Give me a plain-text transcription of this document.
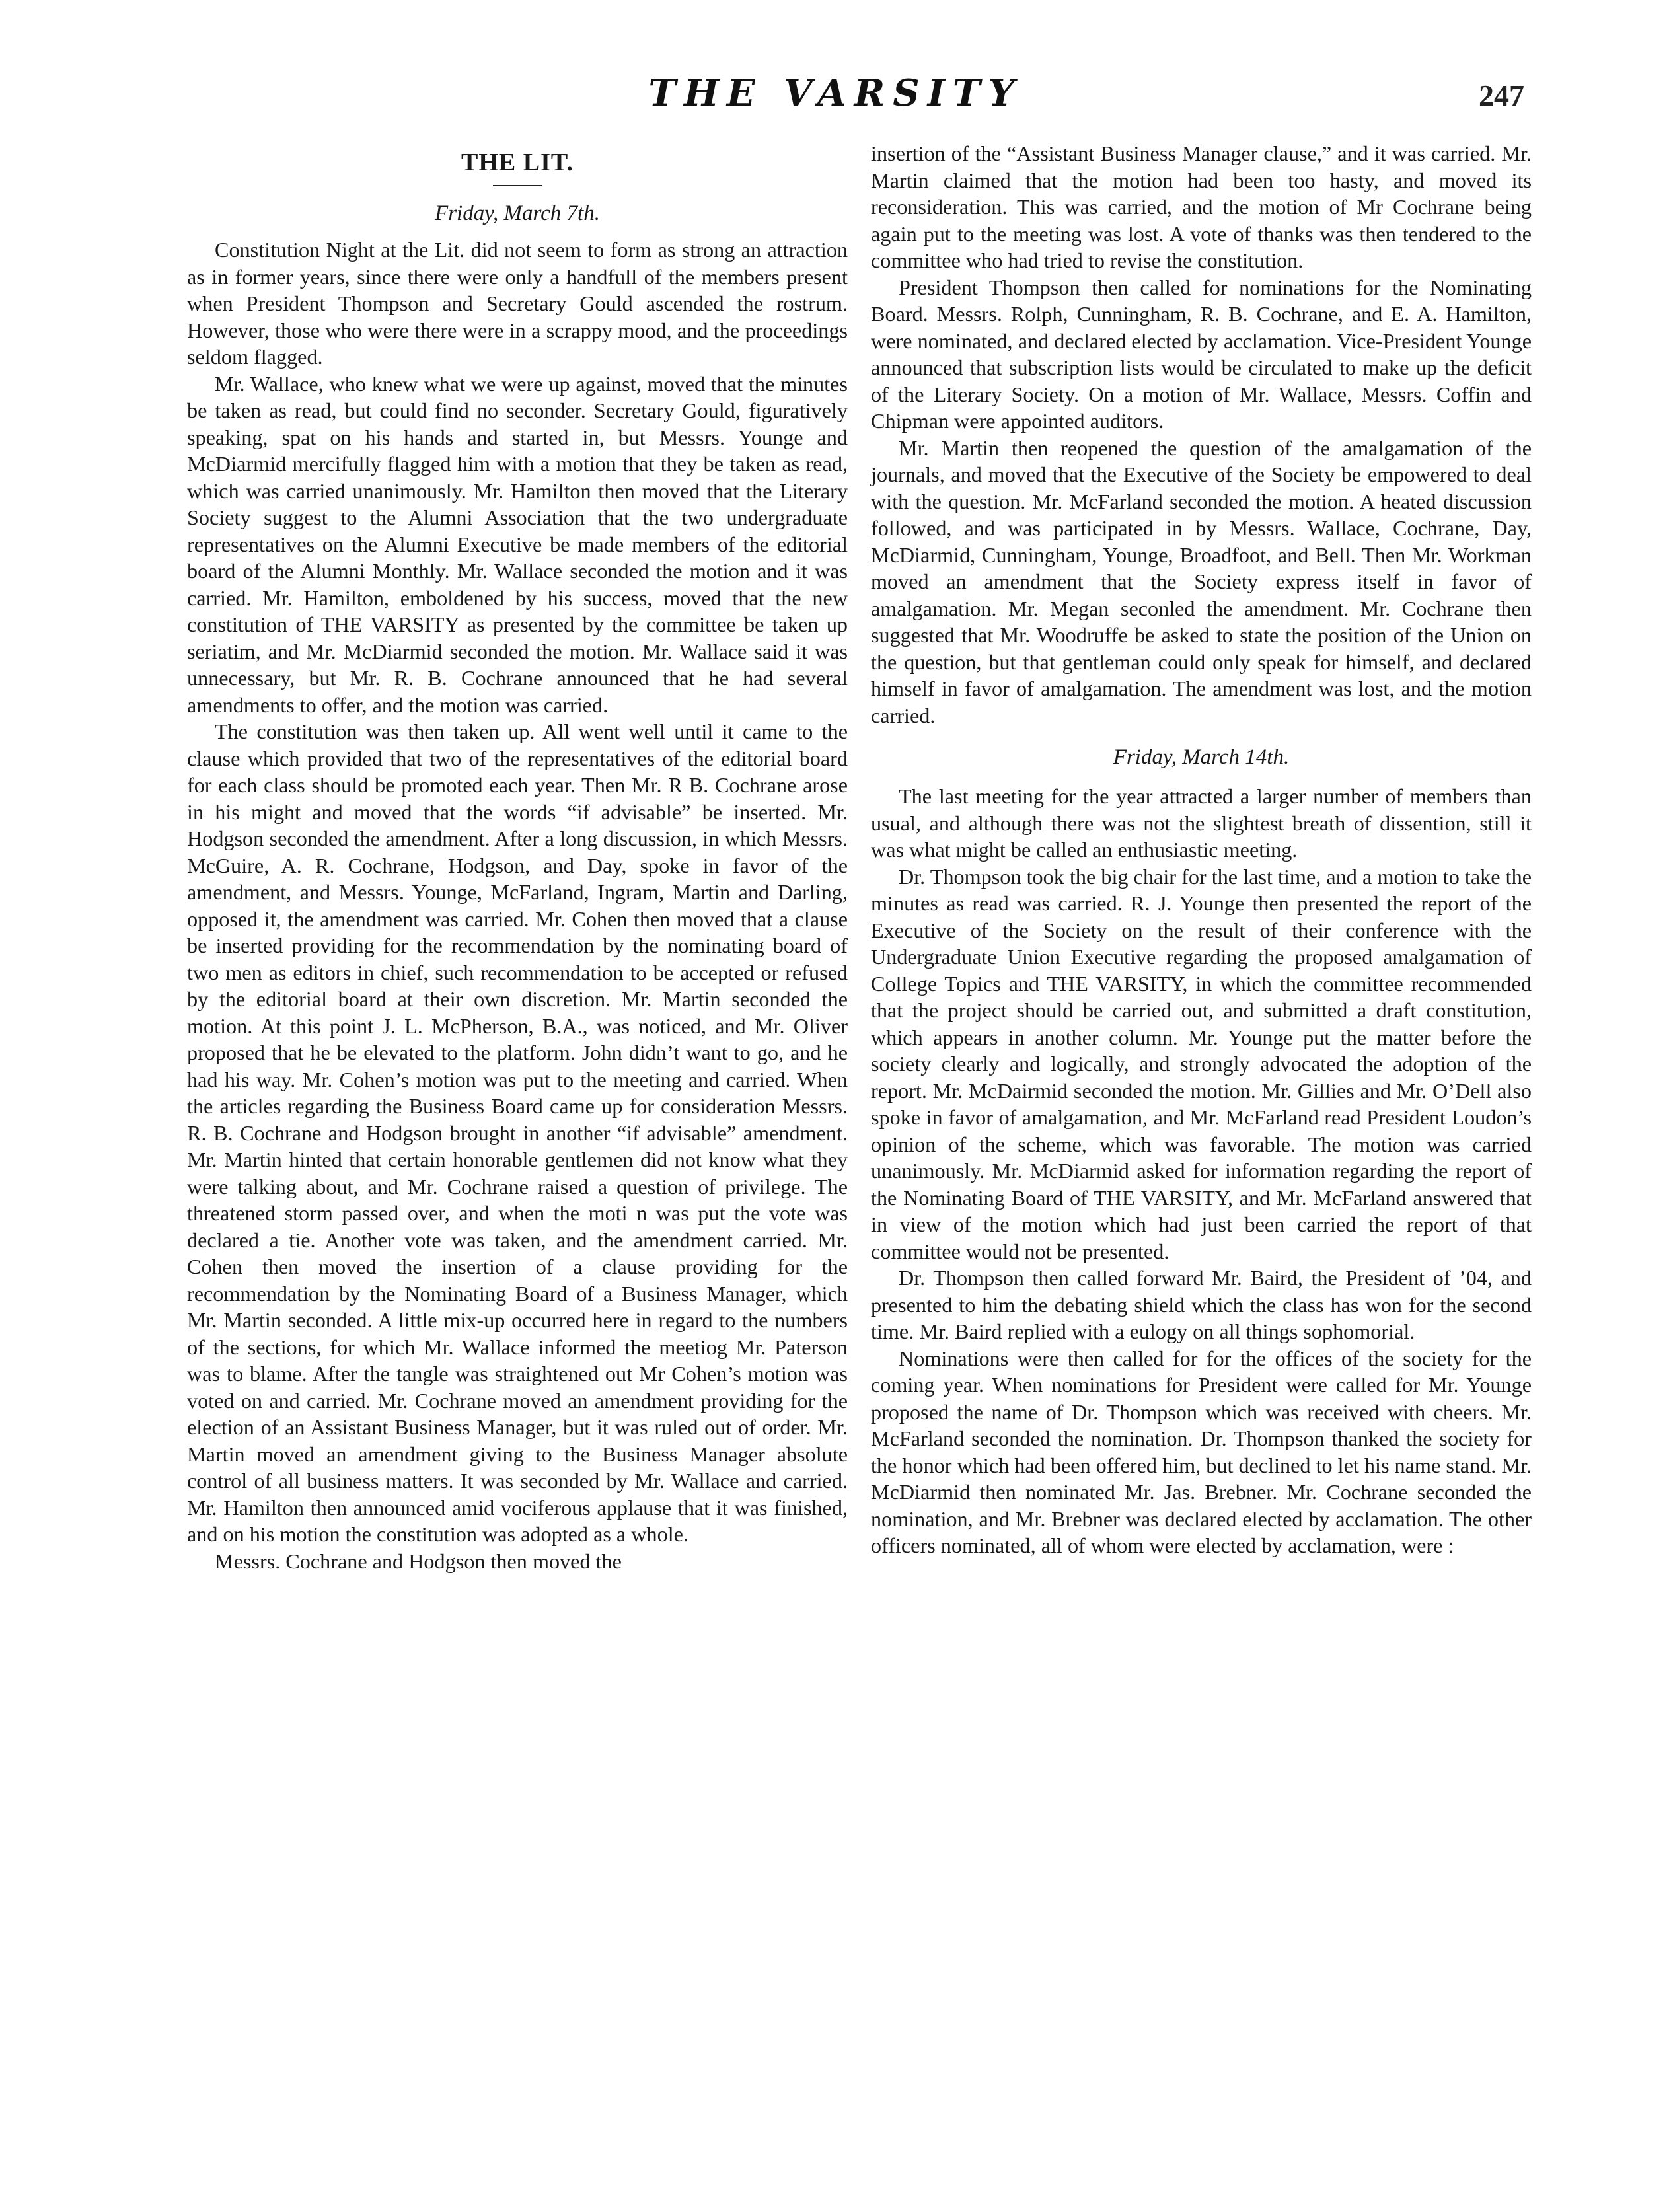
THE VARSITY	247
THE LIT.
Friday, March 7th.

Constitution Night at the Lit. did not seem to form as strong an attraction as in former years, since there were only a handfull of the members present when President Thompson and Secretary Gould ascended the rostrum. However, those who were there were in a scrappy mood, and the proceedings seldom flagged.

Mr. Wallace, who knew what we were up against, moved that the minutes be taken as read, but could find no seconder. Secretary Gould, figuratively speaking, spat on his hands and started in, but Messrs. Younge and McDiarmid mercifully flagged him with a motion that they be taken as read, which was carried unanimously. Mr. Hamilton then moved that the Literary Society suggest to the Alumni Association that the two undergraduate representatives on the Alumni Executive be made members of the editorial board of the Alumni Monthly. Mr. Wallace seconded the motion and it was carried. Mr. Hamilton, emboldened by his success, moved that the new constitution of THE VARSITY as presented by the committee be taken up seriatim, and Mr. McDiarmid seconded the motion. Mr. Wallace said it was unnecessary, but Mr. R. B. Cochrane announced that he had several amendments to offer, and the motion was carried.

The constitution was then taken up. All went well until it came to the clause which provided that two of the representatives of the editorial board for each class should be promoted each year. Then Mr. R B. Cochrane arose in his might and moved that the words “if advisable” be inserted. Mr. Hodgson seconded the amendment. After a long discussion, in which Messrs. McGuire, A. R. Cochrane, Hodgson, and Day, spoke in favor of the amendment, and Messrs. Younge, McFarland, Ingram, Martin and Darling, opposed it, the amendment was carried. Mr. Cohen then moved that a clause be inserted providing for the recommendation by the nominating board of two men as editors in chief, such recommendation to be accepted or refused by the editorial board at their own discretion. Mr. Martin seconded the motion. At this point J. L. McPherson, B.A., was noticed, and Mr. Oliver proposed that he be elevated to the platform. John didn’t want to go, and he had his way. Mr. Cohen’s motion was put to the meeting and carried. When the articles regarding the Business Board came up for consideration Messrs. R. B. Cochrane and Hodgson brought in another “if advisable” amendment. Mr. Martin hinted that certain honorable gentlemen did not know what they were talking about, and Mr. Cochrane raised a question of privilege. The threatened storm passed over, and when the moti n was put the vote was declared a tie. Another vote was taken, and the amendment carried. Mr. Cohen then moved the insertion of a clause providing for the recommendation by the Nominating Board of a Business Manager, which Mr. Martin seconded. A little mix-up occurred here in regard to the numbers of the sections, for which Mr. Wallace informed the meetiog Mr. Paterson was to blame. After the tangle was straightened out Mr Cohen’s motion was voted on and carried. Mr. Cochrane moved an amendment providing for the election of an Assistant Business Manager, but it was ruled out of order. Mr. Martin moved an amendment giving to the Business Manager absolute control of all business matters. It was seconded by Mr. Wallace and carried. Mr. Hamilton then announced amid vociferous applause that it was finished, and on his motion the constitution was adopted as a whole.

Messrs. Cochrane and Hodgson then moved the

insertion of the “Assistant Business Manager clause,” and it was carried. Mr. Martin claimed that the motion had been too hasty, and moved its reconsideration. This was carried, and the motion of Mr Cochrane being again put to the meeting was lost. A vote of thanks was then tendered to the committee who had tried to revise the constitution.

President Thompson then called for nominations for the Nominating Board. Messrs. Rolph, Cunningham, R. B. Cochrane, and E. A. Hamilton, were nominated, and declared elected by acclamation. Vice-President Younge announced that subscription lists would be circulated to make up the deficit of the Literary Society. On a motion of Mr. Wallace, Messrs. Coffin and Chipman were appointed auditors.

Mr. Martin then reopened the question of the amalgamation of the journals, and moved that the Executive of the Society be empowered to deal with the question. Mr. McFarland seconded the motion. A heated discussion followed, and was participated in by Messrs. Wallace, Cochrane, Day, McDiarmid, Cunningham, Younge, Broadfoot, and Bell. Then Mr. Workman moved an amendment that the Society express itself in favor of amalgamation. Mr. Megan seconled the amendment. Mr. Cochrane then suggested that Mr. Woodruffe be asked to state the position of the Union on the question, but that gentleman could only speak for himself, and declared himself in favor of amalgamation. The amendment was lost, and the motion carried.

Friday, March 14th.

The last meeting for the year attracted a larger number of members than usual, and although there was not the slightest breath of dissention, still it was what might be called an enthusiastic meeting.

Dr. Thompson took the big chair for the last time, and a motion to take the minutes as read was carried. R. J. Younge then presented the report of the Executive of the Society on the result of their conference with the Undergraduate Union Executive regarding the proposed amalgamation of College Topics and THE VARSITY, in which the committee recommended that the project should be carried out, and submitted a draft constitution, which appears in another column. Mr. Younge put the matter before the society clearly and logically, and strongly advocated the adoption of the report. Mr. McDairmid seconded the motion. Mr. Gillies and Mr. O’Dell also spoke in favor of amalgamation, and Mr. McFarland read President Loudon’s opinion of the scheme, which was favorable. The motion was carried unanimously. Mr. McDiarmid asked for information regarding the report of the Nominating Board of THE VARSITY, and Mr. McFarland answered that in view of the motion which had just been carried the report of that committee would not be presented.

Dr. Thompson then called forward Mr. Baird, the President of ’04, and presented to him the debating shield which the class has won for the second time. Mr. Baird replied with a eulogy on all things sophomorial.

Nominations were then called for for the offices of the society for the coming year. When nominations for President were called for Mr. Younge proposed the name of Dr. Thompson which was received with cheers. Mr. McFarland seconded the nomination. Dr. Thompson thanked the society for the honor which had been offered him, but declined to let his name stand. Mr. McDiarmid then nominated Mr. Jas. Brebner. Mr. Cochrane seconded the nomination, and Mr. Brebner was declared elected by acclamation. The other officers nominated, all of whom were elected by acclamation, were :
